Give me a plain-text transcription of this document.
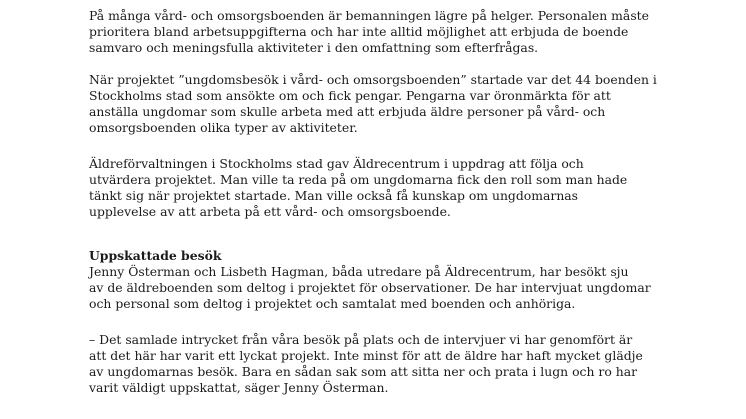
På många vård- och omsorgsboenden är bemanningen lägre på helger. Personalen måste
prioritera bland arbetsuppgifterna och har inte alltid möjlighet att erbjuda de boende
samvaro och meningsfulla aktiviteter i den omfattning som efterfrågas.

När projektet ”ungdomsbesök i vård- och omsorgsboenden” startade var det 44 boenden i
Stockholms stad som ansökte om och fick pengar. Pengarna var öronmärkta för att
anställa ungdomar som skulle arbeta med att erbjuda äldre personer på vård- och
omsorgsboenden olika typer av aktiviteter.

Äldreförvaltningen i Stockholms stad gav Äldrecentrum i uppdrag att följa och
utvärdera projektet. Man ville ta reda på om ungdomarna fick den roll som man hade
tänkt sig när projektet startade. Man ville också få kunskap om ungdomarnas
upplevelse av att arbeta på ett vård- och omsorgsboende.

Uppskattade besök
Jenny Österman och Lisbeth Hagman, båda utredare på Äldrecentrum, har besökt sju
av de äldreboenden som deltog i projektet för observationer. De har intervjuat ungdomar
och personal som deltog i projektet och samtalat med boenden och anhöriga.

– Det samlade intrycket från våra besök på plats och de intervjuer vi har genomfört är
att det här har varit ett lyckat projekt. Inte minst för att de äldre har haft mycket glädje
av ungdomarnas besök. Bara en sådan sak som att sitta ner och prata i lugn och ro har
varit väldigt uppskattat, säger Jenny Österman.
